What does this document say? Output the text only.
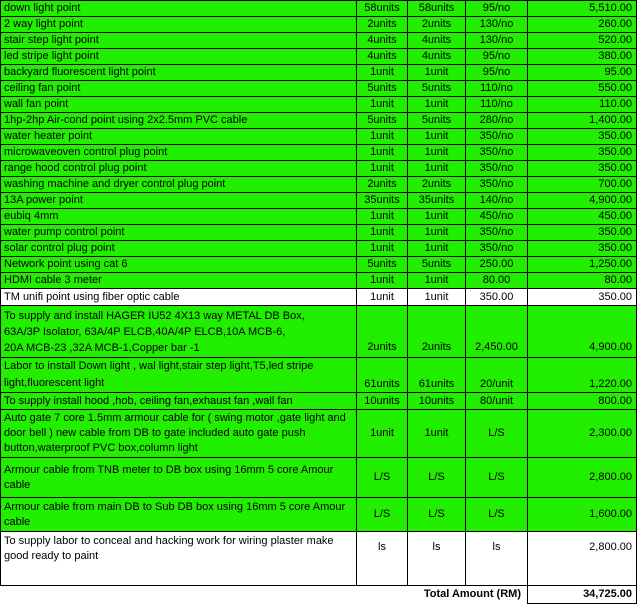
down light point	58units	58units	95/no	5,510.00
2 way light point	2units	2units	130/no	260.00
stair step light point	4units	4units	130/no	520.00
led stripe light point	4units	4units	95/no	380.00
backyard fluorescent light point	1unit	1unit	95/no	95.00
ceiling fan point	5units	5units	110/no	550.00
wall fan point	1unit	1unit	110/no	110.00
1hp-2hp Air-cond point using 2x2.5mm PVC cable	5units	5units	280/no	1,400.00
water heater point	1unit	1unit	350/no	350.00
microwaveoven control plug point	1unit	1unit	350/no	350.00
range hood control plug point	1unit	1unit	350/no	350.00
washing machine and dryer control plug point	2units	2units	350/no	700.00
13A power point	35units	35units	140/no	4,900.00
eubiq 4mm	1unit	1unit	450/no	450.00
water pump control point	1unit	1unit	350/no	350.00
solar control plug point	1unit	1unit	350/no	350.00
Network point using cat 6	5units	5units	250.00	1,250.00
HDMI cable 3 meter	1unit	1unit	80.00	80.00
TM unifi point using fiber optic cable	1unit	1unit	350.00	350.00
To supply and install HAGER IU52 4X13 way METAL DB Box,
63A/3P Isolator, 63A/4P ELCB,40A/4P ELCB,10A MCB-6,
20A MCB-23 ,32A MCB-1,Copper bar -1	2units	2units	2,450.00	4,900.00
Labor to install Down light , wal light,stair step light,T5,led stripe light,fluorescent light	61units	61units	20/unit	1,220.00
To supply install hood ,hob, ceiling fan,exhaust fan ,wall fan	10units	10units	80/unit	800.00
Auto gate 7 core 1.5mm armour cable for ( swing motor ,gate light and door bell ) new cable from DB to gate included auto gate push button,waterproof PVC box,column light	1unit	1unit	L/S	2,300.00
Armour cable from TNB meter to DB box using 16mm 5 core Amour cable	L/S	L/S	L/S	2,800.00
Armour cable from main DB to Sub DB box using 16mm 5 core Amour cable	L/S	L/S	L/S	1,600.00
To supply labor to conceal and hacking work for wiring plaster make good ready to paint	ls	ls	ls	2,800.00
	Total Amount (RM)			34,725.00
